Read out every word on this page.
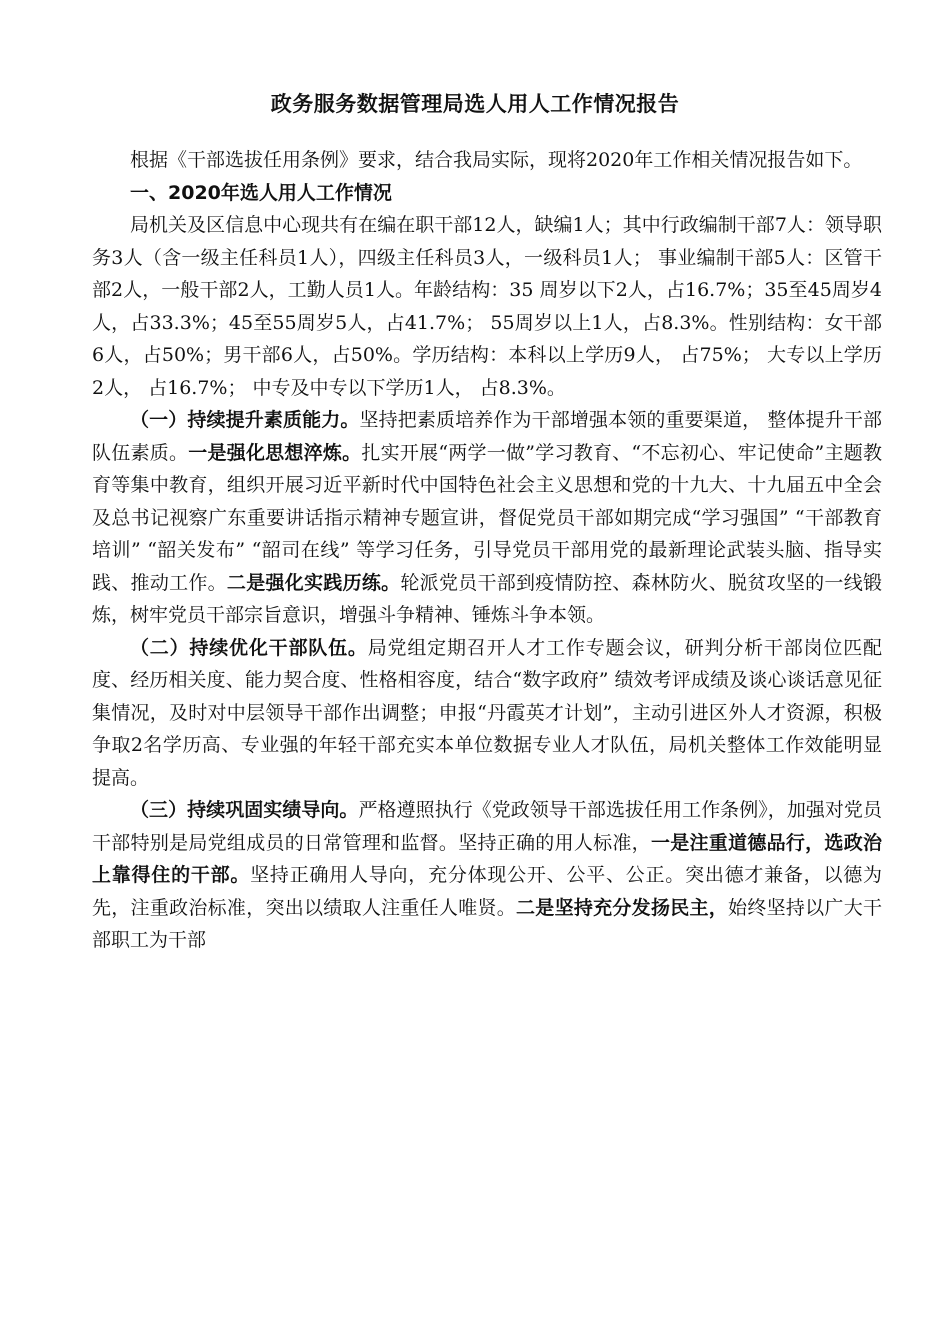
政务服务数据管理局选人用人工作情况报告

根据《干部选拔任用条例》要求，结合我局实际，现将2020年工作相关情况报告如下。

一、2020年选人用人工作情况

局机关及区信息中心现共有在编在职干部12人，缺编1人；其中行政编制干部7人：领导职务3人（含一级主任科员1人），四级主任科员3人，一级科员1人； 事业编制干部5人：区管干部2人，一般干部2人，工勤人员1人。年龄结构：35 周岁以下2人，占16.7%；35至45周岁4人，占33.3%；45至55周岁5人，占41.7%； 55周岁以上1人，占8.3%。性别结构：女干部6人，占50%；男干部6人，占50%。学历结构：本科以上学历9人， 占75%； 大专以上学历2人， 占16.7%； 中专及中专以下学历1人， 占8.3%。

（一）持续提升素质能力。坚持把素质培养作为干部增强本领的重要渠道， 整体提升干部队伍素质。一是强化思想淬炼。扎实开展“两学一做”学习教育、“不忘初心、牢记使命”主题教育等集中教育，组织开展习近平新时代中国特色社会主义思想和党的十九大、十九届五中全会及总书记视察广东重要讲话指示精神专题宣讲，督促党员干部如期完成“学习强国” “干部教育培训” “韶关发布” “韶司在线” 等学习任务，引导党员干部用党的最新理论武装头脑、指导实践、推动工作。二是强化实践历练。轮派党员干部到疫情防控、森林防火、脱贫攻坚的一线锻炼，树牢党员干部宗旨意识，增强斗争精神、锤炼斗争本领。

（二）持续优化干部队伍。局党组定期召开人才工作专题会议，研判分析干部岗位匹配度、经历相关度、能力契合度、性格相容度，结合“数字政府” 绩效考评成绩及谈心谈话意见征集情况，及时对中层领导干部作出调整；申报“丹霞英才计划”，主动引进区外人才资源，积极争取2名学历高、专业强的年轻干部充实本单位数据专业人才队伍，局机关整体工作效能明显提高。

（三）持续巩固实绩导向。严格遵照执行《党政领导干部选拔任用工作条例》，加强对党员干部特别是局党组成员的日常管理和监督。坚持正确的用人标准，一是注重道德品行，选政治上靠得住的干部。坚持正确用人导向，充分体现公开、公平、公正。突出德才兼备，以德为先，注重政治标准，突出以绩取人注重任人唯贤。二是坚持充分发扬民主，始终坚持以广大干部职工为干部
